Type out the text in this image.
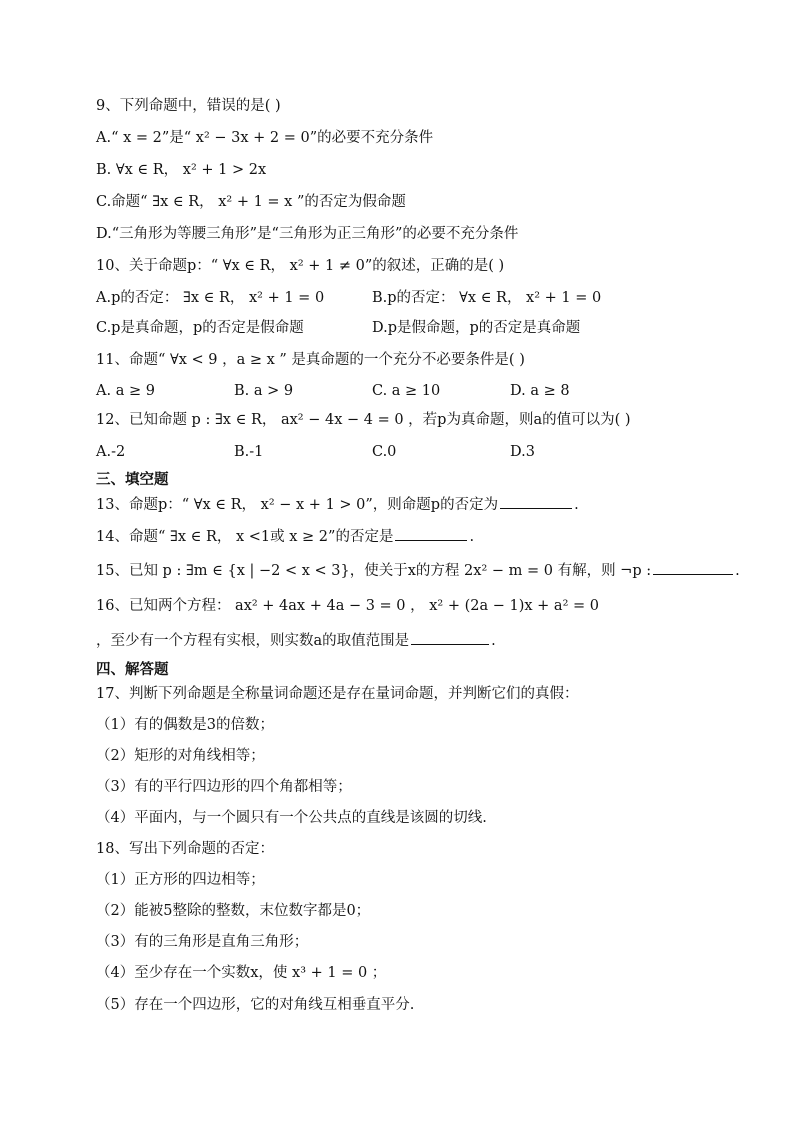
9、下列命题中，错误的是( )
A.“ x = 2”是“ x² − 3x + 2 = 0”的必要不充分条件
B. ∀x ∈ R， x² + 1 > 2x
C.命题“ ∃x ∈ R， x² + 1 = x ”的否定为假命题
D.“三角形为等腰三角形”是“三角形为正三角形”的必要不充分条件
10、关于命题p：“ ∀x ∈ R， x² + 1 ≠ 0”的叙述，正确的是( )
A.p的否定： ∃x ∈ R， x² + 1 = 0	B.p的否定： ∀x ∈ R， x² + 1 = 0
C.p是真命题，p的否定是假命题	D.p是假命题，p的否定是真命题
11、命题“ ∀x < 9 ，a ≥ x ” 是真命题的一个充分不必要条件是( )
A. a ≥ 9	B. a > 9	C. a ≥ 10	D. a ≥ 8
12、已知命题 p : ∃x ∈ R， ax² − 4x − 4 = 0 ，若p为真命题，则a的值可以为( )
A.-2	B.-1	C.0	D.3
三、填空题
13、命题p：“ ∀x ∈ R， x² − x + 1 > 0”，则命题p的否定为	.
14、命题“ ∃x ∈ R， x <1或 x ≥ 2”的否定是	.
15、已知 p : ∃m ∈ {x | −2 < x < 3}，使关于x的方程 2x² − m = 0 有解，则 ¬p :	.
16、已知两个方程： ax² + 4ax + 4a − 3 = 0 ， x² + (2a − 1)x + a² = 0
，至少有一个方程有实根，则实数a的取值范围是	.
四、解答题
17、判断下列命题是全称量词命题还是存在量词命题，并判断它们的真假：
（1）有的偶数是3的倍数；
（2）矩形的对角线相等；
（3）有的平行四边形的四个角都相等；
（4）平面内，与一个圆只有一个公共点的直线是该圆的切线.
18、写出下列命题的否定：
（1）正方形的四边相等；
（2）能被5整除的整数，末位数字都是0；
（3）有的三角形是直角三角形；
（4）至少存在一个实数x，使 x³ + 1 = 0 ；
（5）存在一个四边形，它的对角线互相垂直平分.
